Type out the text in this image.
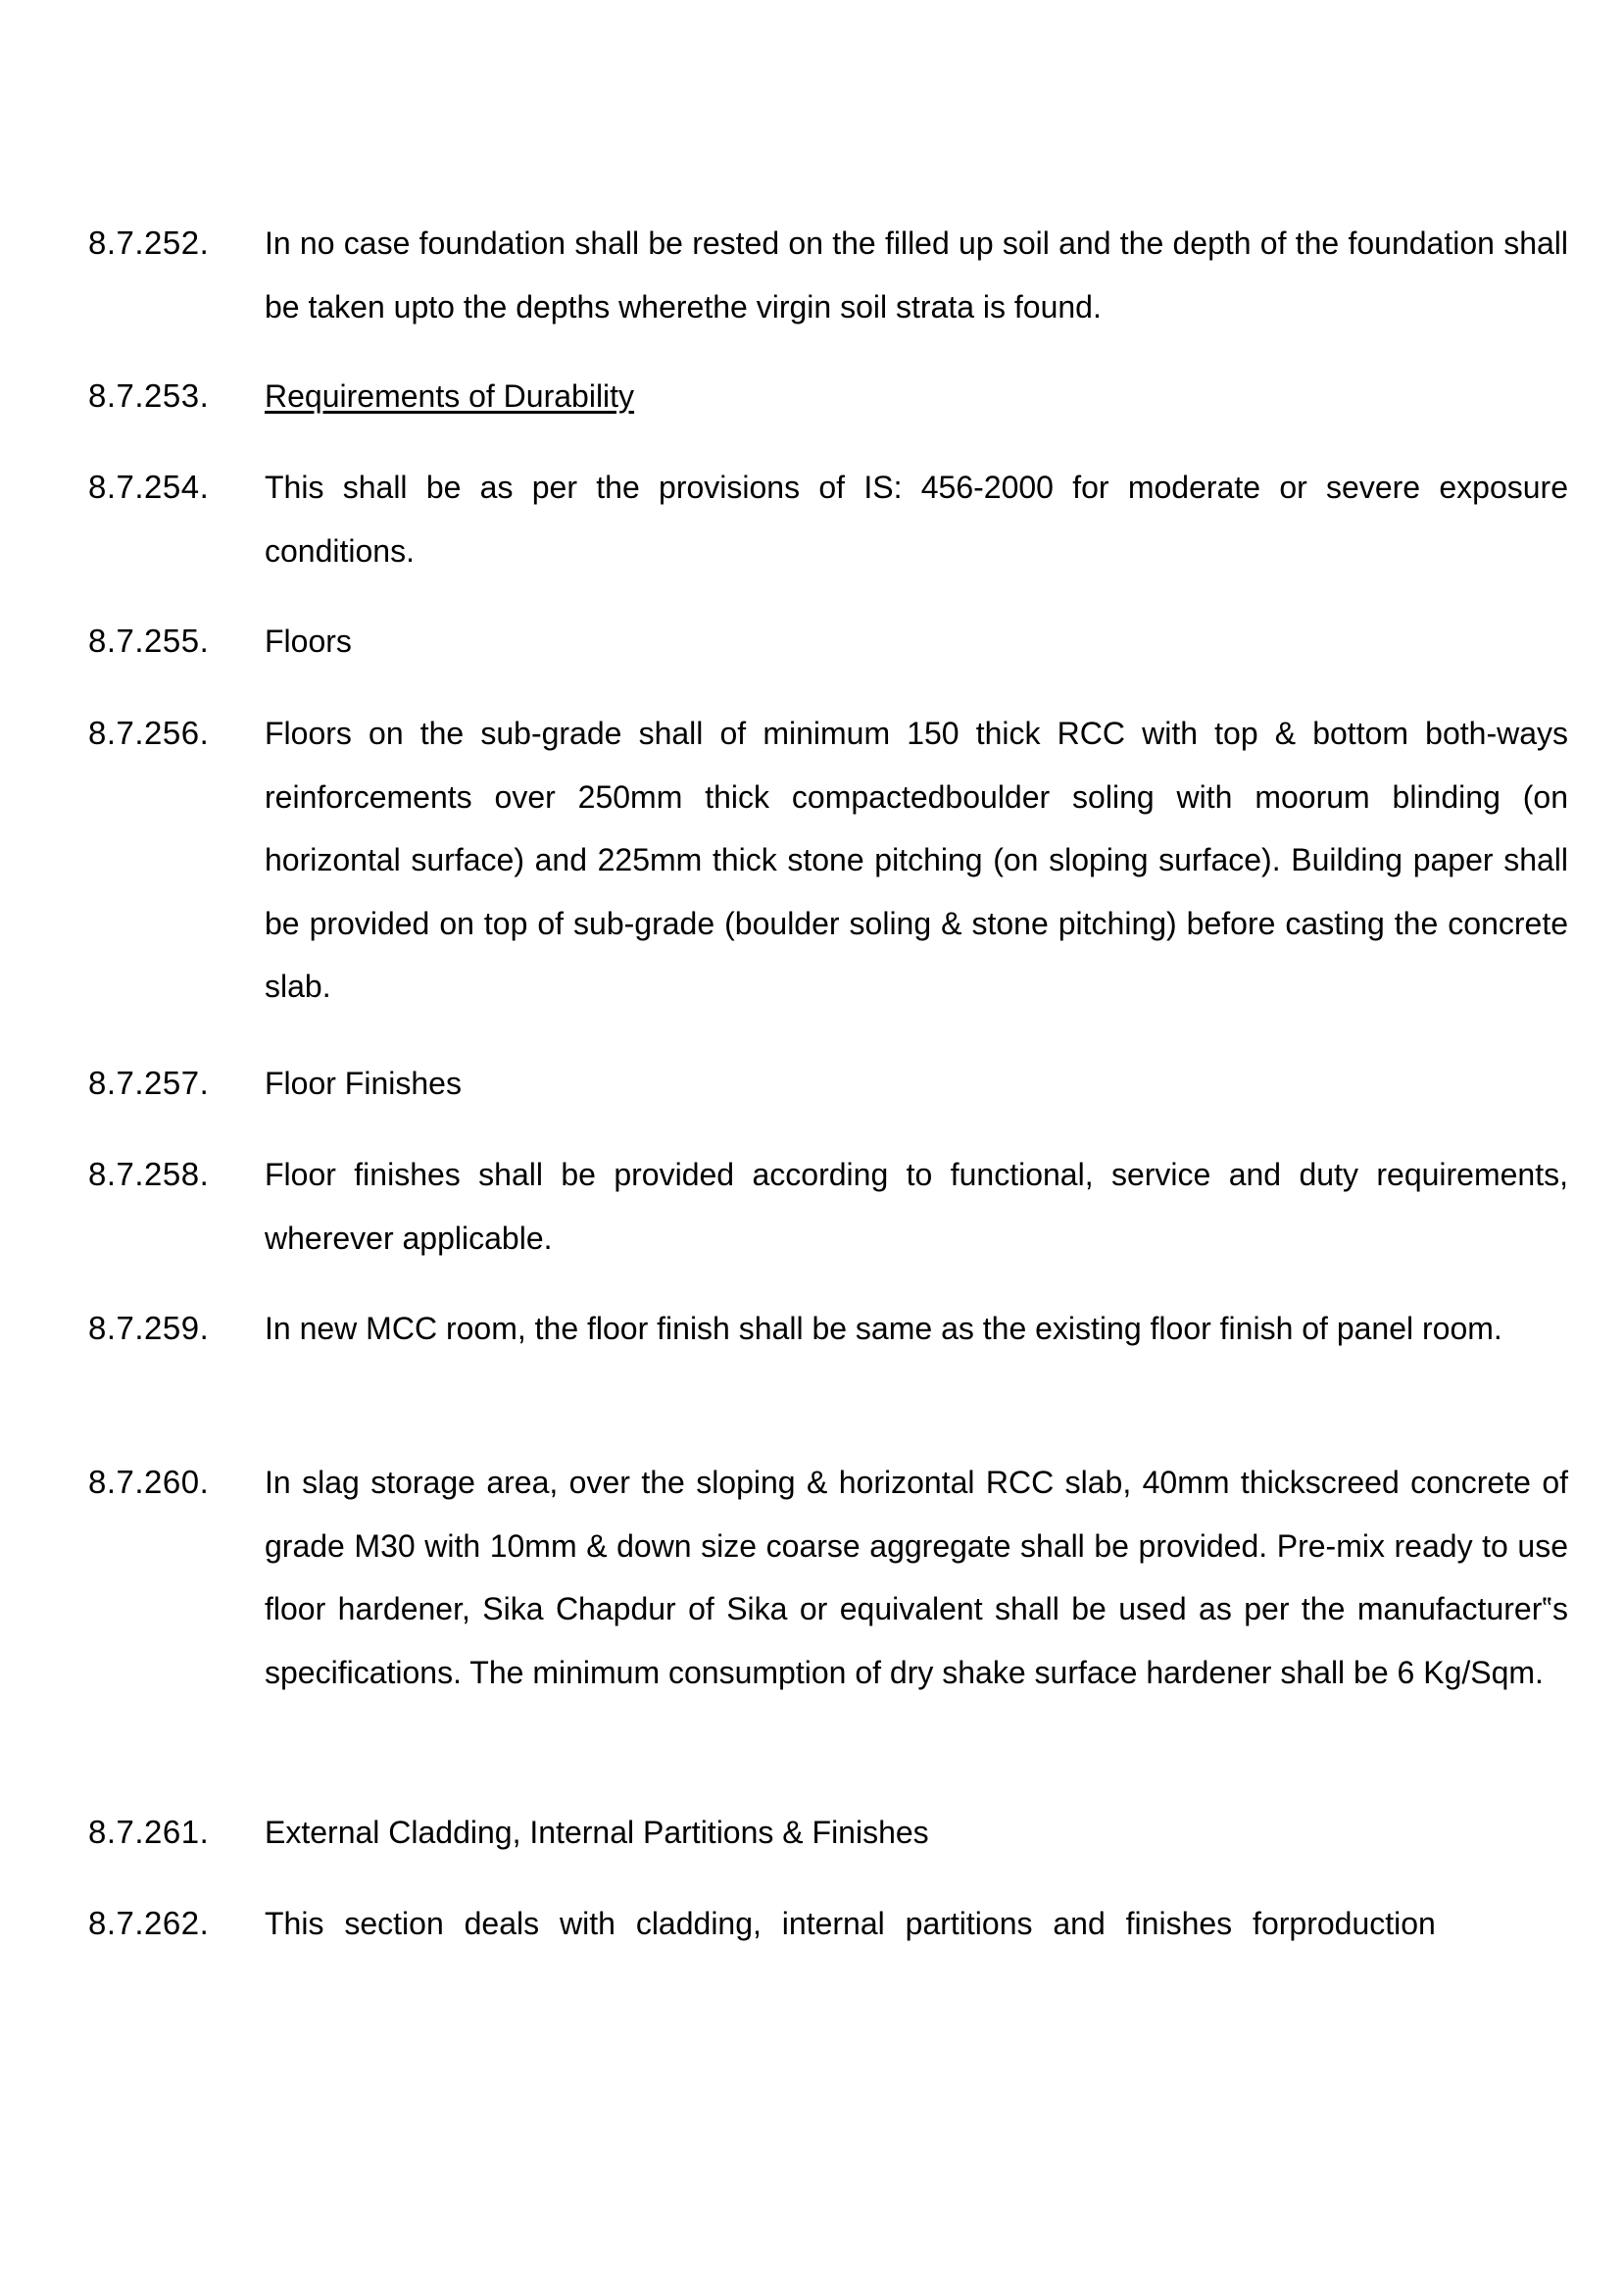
8.7.252.	In no case foundation shall be rested on the filled up soil and the depth of the foundation shall be taken upto the depths wherethe virgin soil strata is found.
8.7.253.	Requirements of Durability
8.7.254.	This shall be as per the provisions of IS: 456-2000 for moderate or severe exposure conditions.
8.7.255.	Floors
8.7.256.	Floors on the sub-grade shall of minimum 150 thick RCC with top & bottom both-ways reinforcements over 250mm thick compactedboulder soling with moorum blinding (on horizontal surface) and 225mm thick stone pitching (on sloping surface). Building paper shall be provided on top of sub-grade (boulder soling & stone pitching) before casting the concrete slab.
8.7.257.	Floor Finishes
8.7.258.	Floor finishes shall be provided according to functional, service and duty requirements, wherever applicable.
8.7.259.	In new MCC room, the floor finish shall be same as the existing floor finish of panel room.
8.7.260.	In slag storage area, over the sloping & horizontal RCC slab, 40mm thickscreed concrete of grade M30 with 10mm & down size coarse aggregate shall be provided. Pre-mix ready to use floor hardener, Sika Chapdur of Sika or equivalent shall be used as per the manufacturer‟s specifications. The minimum consumption of dry shake surface hardener shall be 6 Kg/Sqm.
8.7.261.	External Cladding, Internal Partitions & Finishes
8.7.262.	This section deals with cladding, internal partitions and finishes forproduction
